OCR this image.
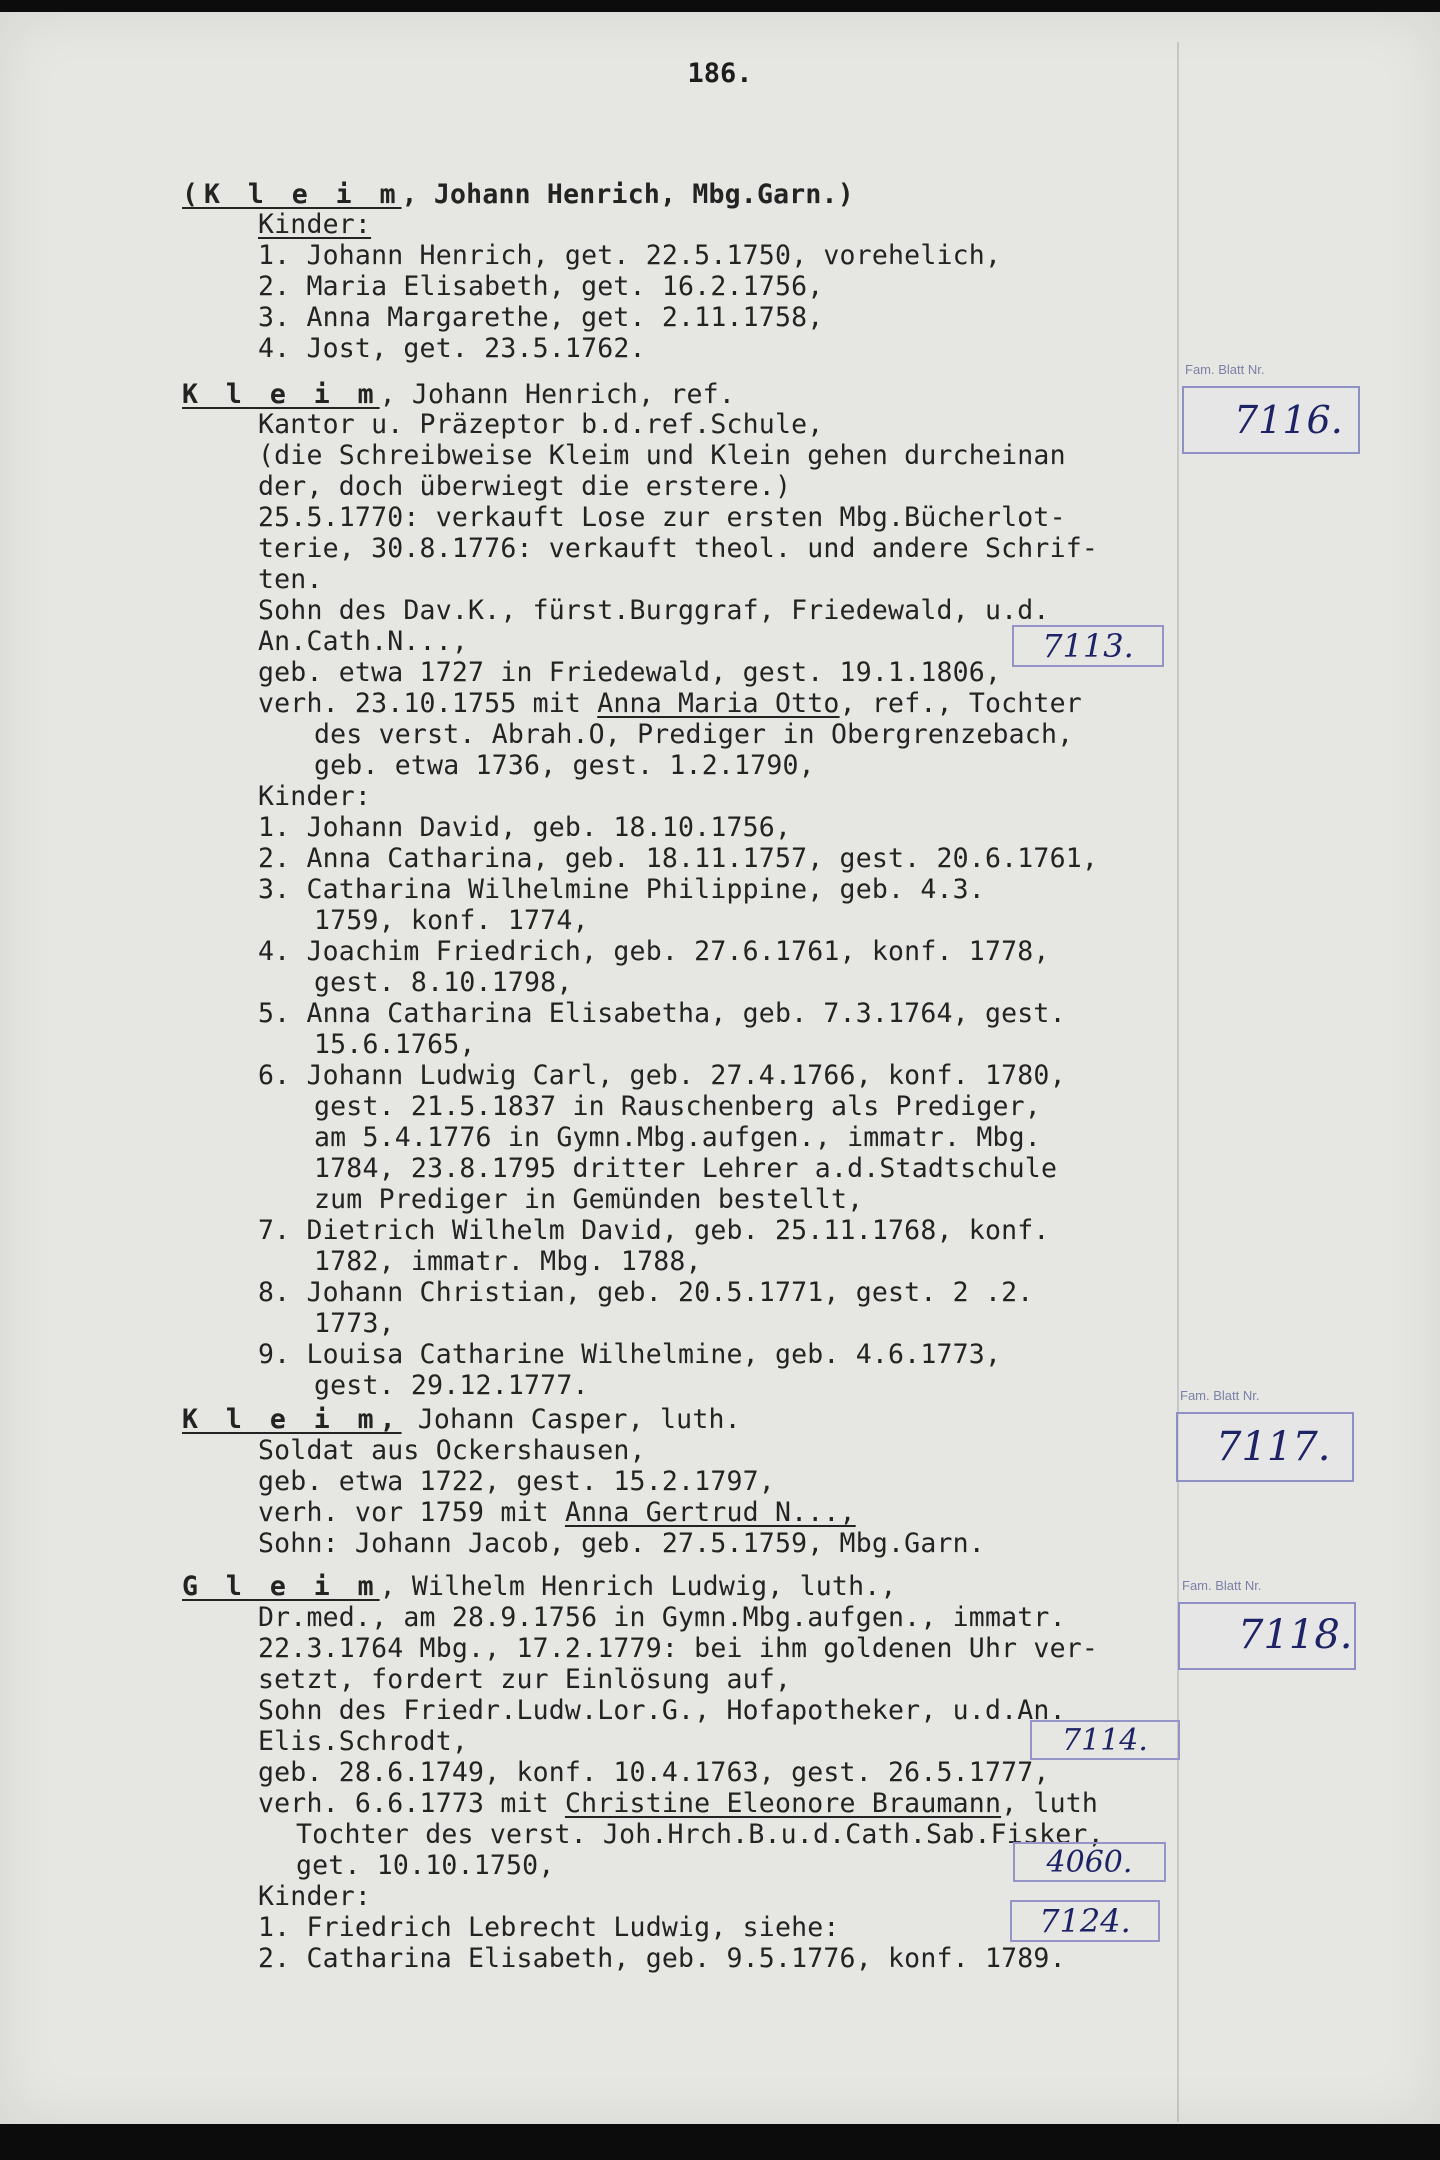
186.
(K l e i m, Johann Henrich, Mbg.Garn.)
Kinder:
1. Johann Henrich, get. 22.5.1750, vorehelich,
2. Maria Elisabeth, get. 16.2.1756,
3. Anna Margarethe, get. 2.11.1758,
4. Jost, get. 23.5.1762.
K l e i m, Johann Henrich, ref.
Kantor u. Präzeptor b.d.ref.Schule,
(die Schreibweise Kleim und Klein gehen durcheinan
der, doch überwiegt die erstere.)
25.5.1770: verkauft Lose zur ersten Mbg.Bücherlot-
terie, 30.8.1776: verkauft theol. und andere Schrif-
ten.
Sohn des Dav.K., fürst.Burggraf, Friedewald, u.d.
An.Cath.N...,
geb. etwa 1727 in Friedewald, gest. 19.1.1806,
verh. 23.10.1755 mit Anna Maria Otto, ref., Tochter
des verst. Abrah.O, Prediger in Obergrenzebach,
geb. etwa 1736, gest. 1.2.1790,
Kinder:
1. Johann David, geb. 18.10.1756,
2. Anna Catharina, geb. 18.11.1757, gest. 20.6.1761,
3. Catharina Wilhelmine Philippine, geb. 4.3.
1759, konf. 1774,
4. Joachim Friedrich, geb. 27.6.1761, konf. 1778,
gest. 8.10.1798,
5. Anna Catharina Elisabetha, geb. 7.3.1764, gest.
15.6.1765,
6. Johann Ludwig Carl, geb. 27.4.1766, konf. 1780,
gest. 21.5.1837 in Rauschenberg als Prediger,
am 5.4.1776 in Gymn.Mbg.aufgen., immatr. Mbg.
1784, 23.8.1795 dritter Lehrer a.d.Stadtschule
zum Prediger in Gemünden bestellt,
7. Dietrich Wilhelm David, geb. 25.11.1768, konf.
1782, immatr. Mbg. 1788,
8. Johann Christian, geb. 20.5.1771, gest. 2 .2.
1773,
9. Louisa Catharine Wilhelmine, geb. 4.6.1773,
gest. 29.12.1777.
K l e i m, Johann Casper, luth.
Soldat aus Ockershausen,
geb. etwa 1722, gest. 15.2.1797,
verh. vor 1759 mit Anna Gertrud N...,
Sohn: Johann Jacob, geb. 27.5.1759, Mbg.Garn.
G l e i m, Wilhelm Henrich Ludwig, luth.,
Dr.med., am 28.9.1756 in Gymn.Mbg.aufgen., immatr.
22.3.1764 Mbg., 17.2.1779: bei ihm goldenen Uhr ver-
setzt, fordert zur Einlösung auf,
Sohn des Friedr.Ludw.Lor.G., Hofapotheker, u.d.An.
Elis.Schrodt,
geb. 28.6.1749, konf. 10.4.1763, gest. 26.5.1777,
verh. 6.6.1773 mit Christine Eleonore Braumann, luth
Tochter des verst. Joh.Hrch.B.u.d.Cath.Sab.Fisker,
get. 10.10.1750,
Kinder:
1. Friedrich Lebrecht Ludwig, siehe:
2. Catharina Elisabeth, geb. 9.5.1776, konf. 1789.
Fam. Blatt Nr.
7116.
Fam. Blatt Nr.
7117.
Fam. Blatt Nr.
7118.
7113.
7114.
4060.
7124.
